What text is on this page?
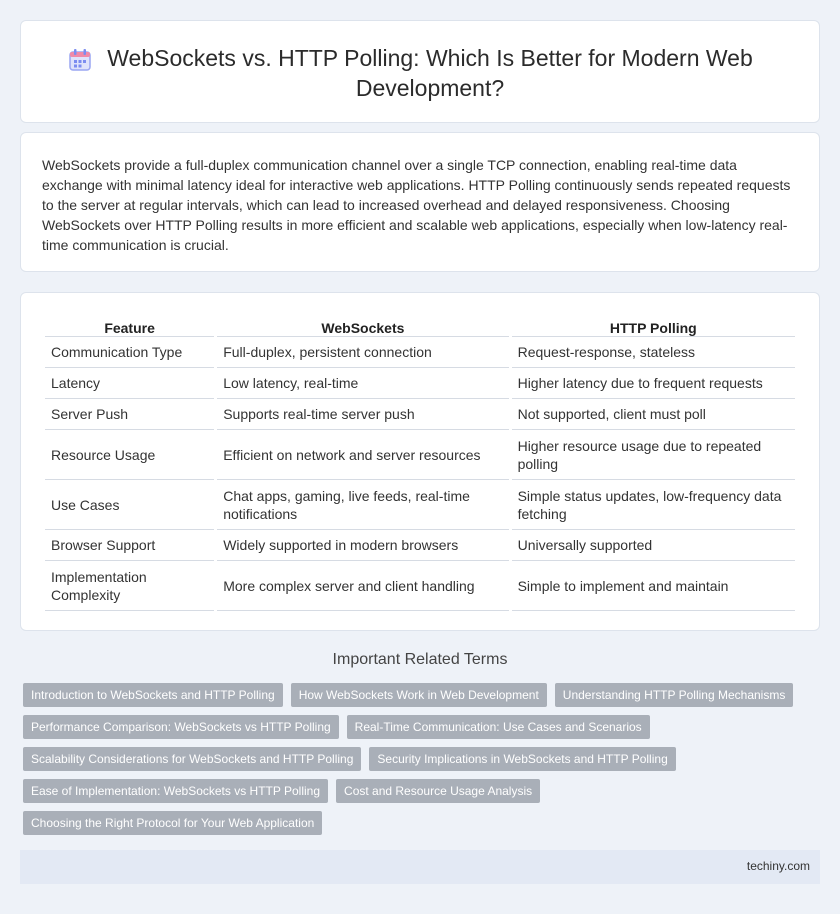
WebSockets vs. HTTP Polling: Which Is Better for Modern Web Development?

WebSockets provide a full-duplex communication channel over a single TCP connection, enabling real-time data exchange with minimal latency ideal for interactive web applications. HTTP Polling continuously sends repeated requests to the server at regular intervals, which can lead to increased overhead and delayed responsiveness. Choosing WebSockets over HTTP Polling results in more efficient and scalable web applications, especially when low-latency real-time communication is crucial.

Feature	WebSockets	HTTP Polling
Communication Type	Full-duplex, persistent connection	Request-response, stateless
Latency	Low latency, real-time	Higher latency due to frequent requests
Server Push	Supports real-time server push	Not supported, client must poll
Resource Usage	Efficient on network and server resources	Higher resource usage due to repeated polling
Use Cases	Chat apps, gaming, live feeds, real-time notifications	Simple status updates, low-frequency data fetching
Browser Support	Widely supported in modern browsers	Universally supported
Implementation Complexity	More complex server and client handling	Simple to implement and maintain
Important Related Terms
Introduction to WebSockets and HTTP Polling	How WebSockets Work in Web Development	Understanding HTTP Polling Mechanisms
Performance Comparison: WebSockets vs HTTP Polling	Real-Time Communication: Use Cases and Scenarios
Scalability Considerations for WebSockets and HTTP Polling	Security Implications in WebSockets and HTTP Polling
Ease of Implementation: WebSockets vs HTTP Polling	Cost and Resource Usage Analysis
Choosing the Right Protocol for Your Web Application
techiny.com
